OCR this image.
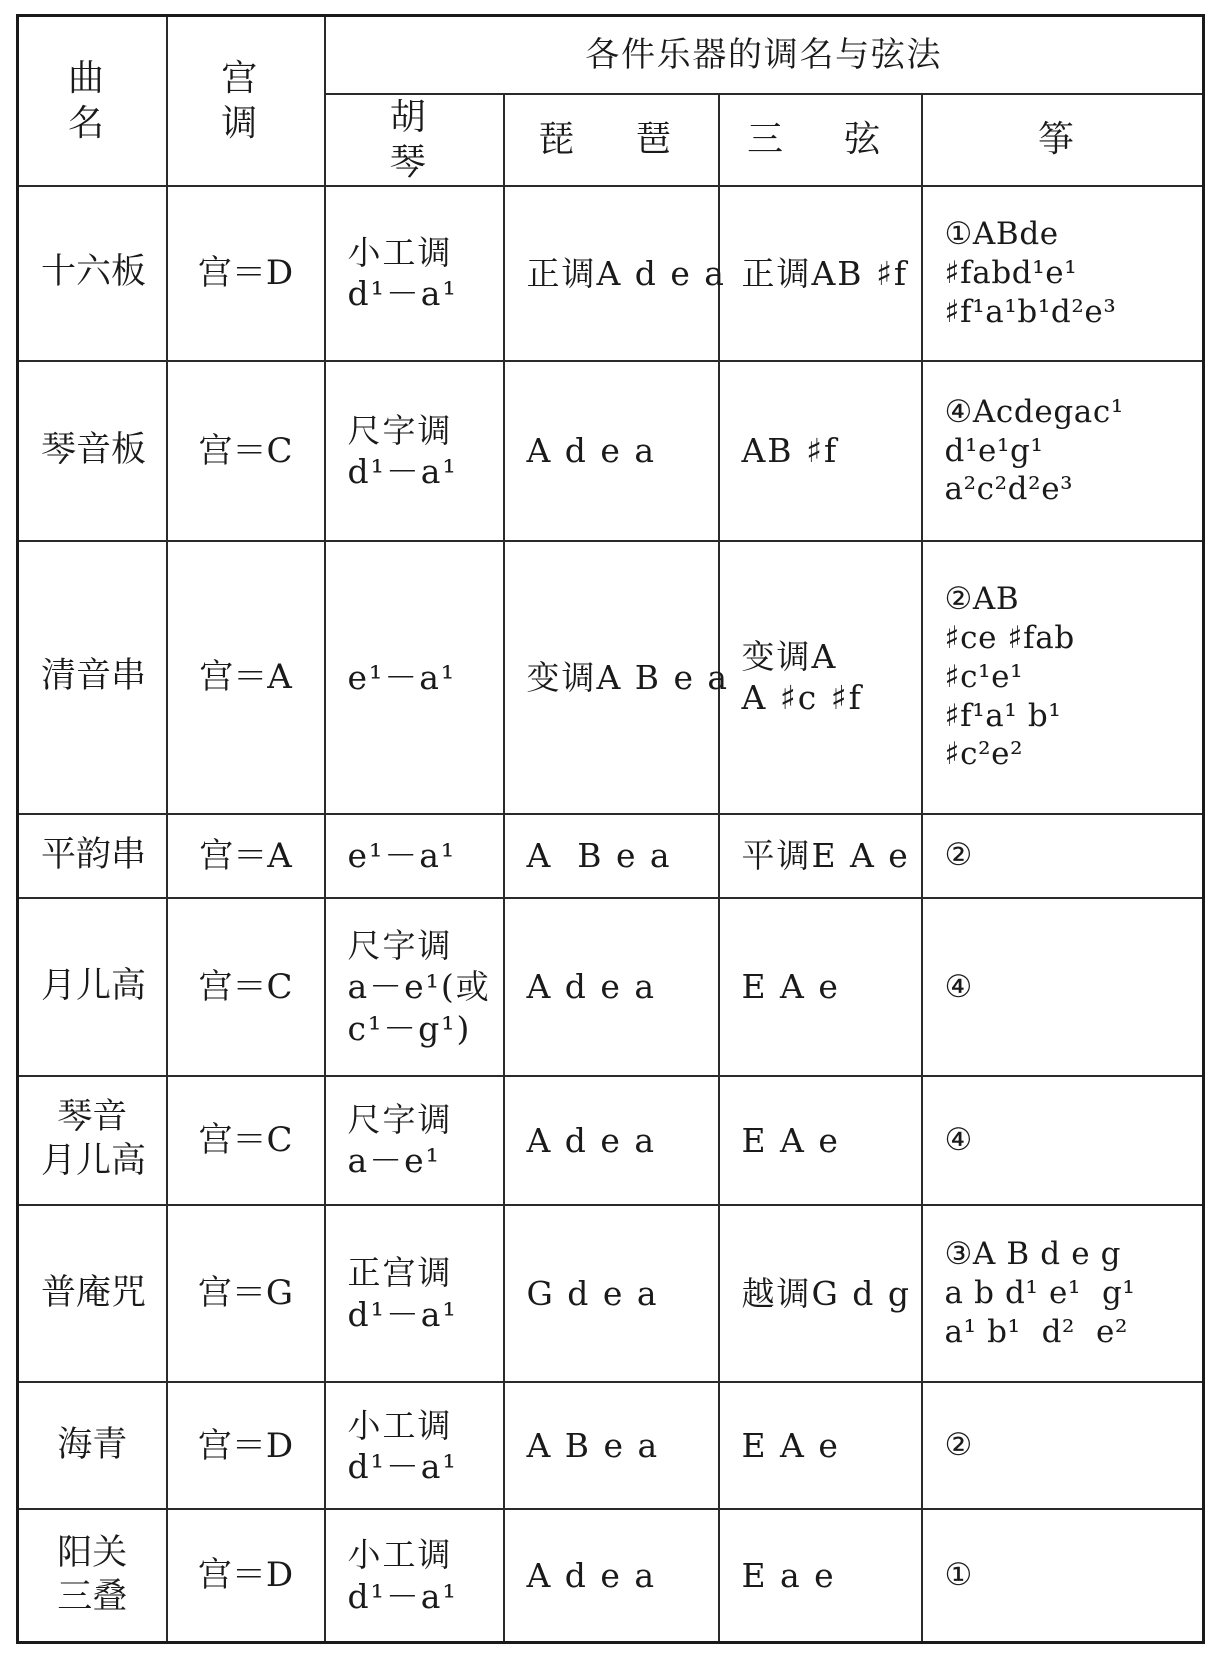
曲　名	宫　调	各件乐器的调名与弦法			
		胡　琴	琵　琶	三　弦	筝

十六板	宫＝D	小工调
d¹－a¹	正调A d e a	正调AB ♯f	①ABde
♯fabd¹e¹
♯f¹a¹b¹d²e³

琴音板	宫＝C	尺字调
d¹－a¹	A d e a	AB ♯f	④Acdegac¹
d¹e¹g¹
a²c²d²e³

清音串	宫＝A	e¹－a¹	变调A B e a	变调A
A ♯c ♯f	②AB
♯ce ♯fab
♯c¹e¹
♯f¹a¹ b¹
♯c²e²

平韵串	宫＝A	e¹－a¹	A  B e a	平调E A e	②

月儿高	宫＝C	尺字调
a－e¹(或
c¹－g¹)	A d e a	E A e	④

琴音
月儿高	宫＝C	尺字调
a－e¹	A d e a	E A e	④

普庵咒	宫＝G	正宫调
d¹－a¹	G d e a	越调G d g	③A B d e g
a b d¹ e¹  g¹
a¹ b¹  d²  e²

海青	宫＝D	小工调
d¹－a¹	A B e a	E A e	②

阳关
三叠	宫＝D	小工调
d¹－a¹	A d e a	E a e	①
